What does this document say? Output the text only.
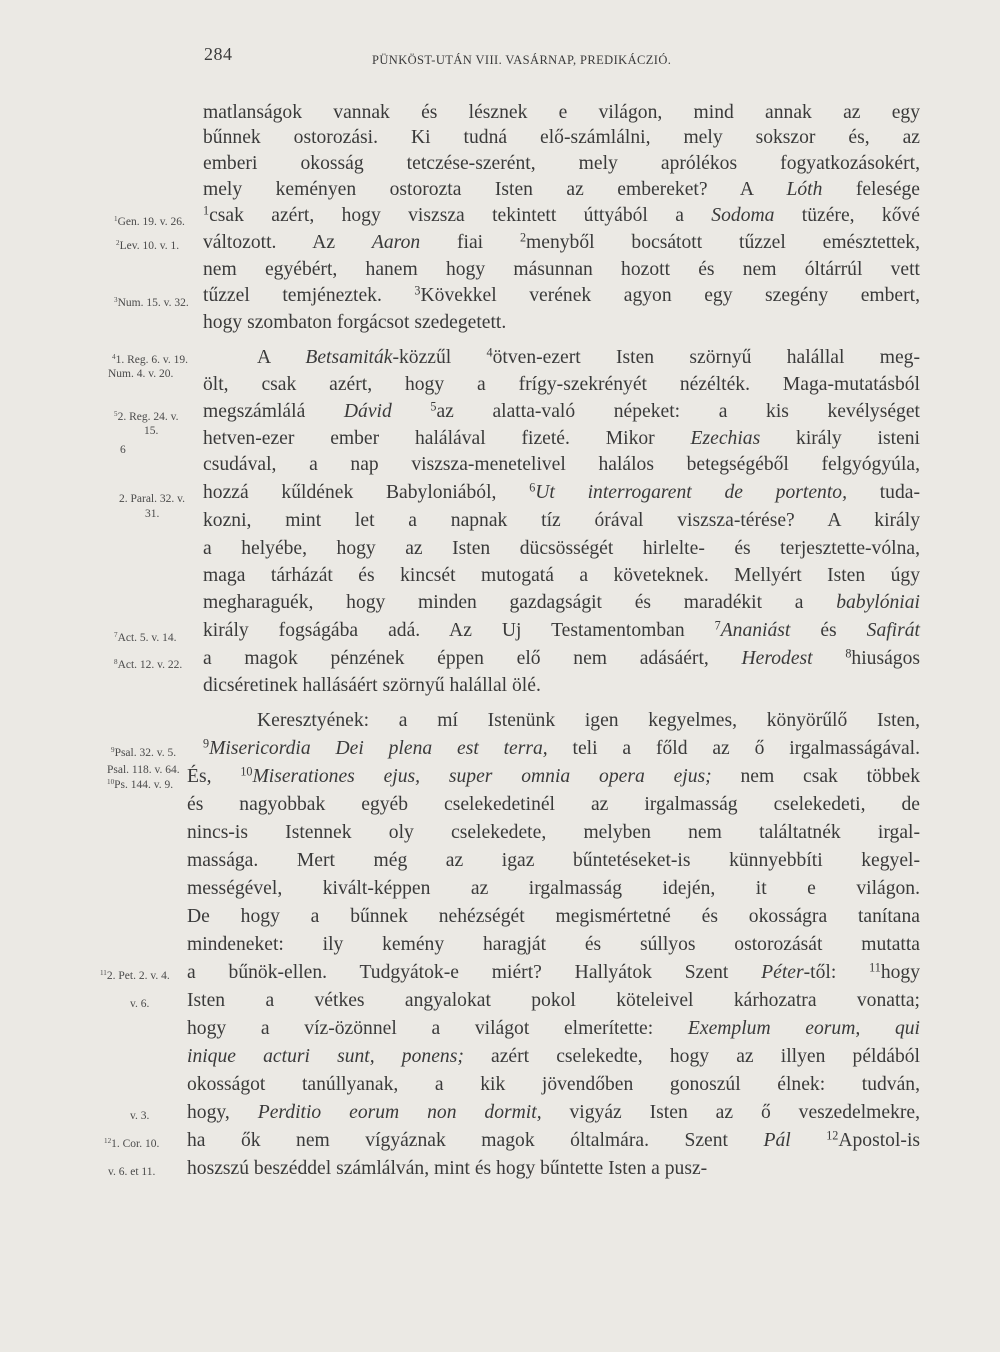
284	PÜNKÖST-UTÁN VIII. VASÁRNAP, PREDIKÁCZIÓ.
matlanságok vannak és lésznek e világon, mind annak az egy
bűnnek ostorozási. Ki tudná elő-számlálni, mely sokszor és, az
emberi okosság tetczése-szerént, mely aprólékos fogyatkozásokért,
mely keményen ostorozta Isten az embereket? A Lóth felesége
$^1$csak azért, hogy viszsza tekintett úttyából a Sodoma tüzére, kővé
változott. Az Aaron fiai $^2$menyből bocsátott tűzzel emésztettek,
nem egyébért, hanem hogy másunnan hozott és nem óltárrúl vett
tűzzel temjéneztek. $^3$Kövekkel verének agyon egy szegény embert,
hogy szombaton forgácsot szedegetett.
A Betsamiták-közzűl $^4$ötven-ezert Isten szörnyű halállal meg-
ölt, csak azért, hogy a frígy-szekrényét nézélték. Maga-mutatásból
megszámlálá Dávid	$^5$az alatta-való népeket: a kis kevélységet
hetven-ezer ember halálával fizeté. Mikor Ezechias király isteni
csudával, a nap viszsza-menetelivel halálos betegségéből felgyógyúla,
hozzá kűldének Babyloniából, $^6$Ut interrogarent de portento, tuda-
kozni, mint let a napnak tíz órával viszsza-térése? A király
a helyébe, hogy az Isten dücsösségét hirlelte- és terjesztette-vólna,
maga tárházát és kincsét mutogatá a követeknek. Mellyért Isten úgy
megharaguék, hogy minden gazdagságit és maradékit a babylóniai
király fogságába adá. Az Uj Testamentomban $^7$Ananiást és Safirát
a magok pénzének éppen elő nem adásáért, Herodest	$^8$hiuságos
dicséretinek hallásáért szörnyű halállal ölé.
Keresztyének: a mí Istenünk igen kegyelmes, könyörűlő Isten,
$^9$Misericordia Dei plena est terra, teli a főld az ő irgalmasságával.
És, $^{10}$Miserationes ejus, super omnia opera ejus; nem csak többek
és nagyobbak egyéb cselekedetinél az irgalmasság cselekedeti, de
nincs-is Istennek oly cselekedete, melyben nem találtatnék irgal-
massága. Mert még az igaz bűntetéseket-is künnyebbíti kegyel-
mességével, kivált-képpen az irgalmasság idején, it e világon.
De hogy a bűnnek nehézségét megismértetné és okosságra tanítana
mindeneket: ily kemény haragját és súllyos ostorozását mutatta
a bűnök-ellen. Tudgyátok-e miért? Hallyátok Szent Péter-től: $^{11}$hogy
Isten a vétkes angyalokat pokol köteleivel kárhozatra vonatta;
hogy a víz-özönnel a világot elmerítette: Exemplum eorum, qui
inique acturi sunt, ponens; azért cselekedte, hogy az illyen példából
okosságot tanúllyanak, a kik jövendőben gonoszúl élnek: tudván,
hogy, Perditio eorum non dormit, vigyáz Isten az ő veszedelmekre,
ha ők nem vígyáznak magok óltalmára. Szent Pál	$^{12}$Apostol-is
hoszszú beszéddel számlálván, mint és hogy bűntette Isten a pusz-
$^1$Gen. 19. v. 26.
$^2$Lev. 10. v. 1.
$^3$Num. 15. v. 32.
$^4$1. Reg. 6. v. 19.
Num. 4. v. 20.
$^5$2. Reg. 24. v.
15.
6
2. Paral. 32. v.
31.
$^7$Act. 5. v. 14.
$^8$Act. 12. v. 22.
$^9$Psal. 32. v. 5.
Psal. 118. v. 64.
$^{10}$Ps. 144. v. 9.
$^{11}$2. Pet. 2. v. 4.
v. 6.
v. 3.
$^{12}$1. Cor. 10.
v. 6. et 11.
